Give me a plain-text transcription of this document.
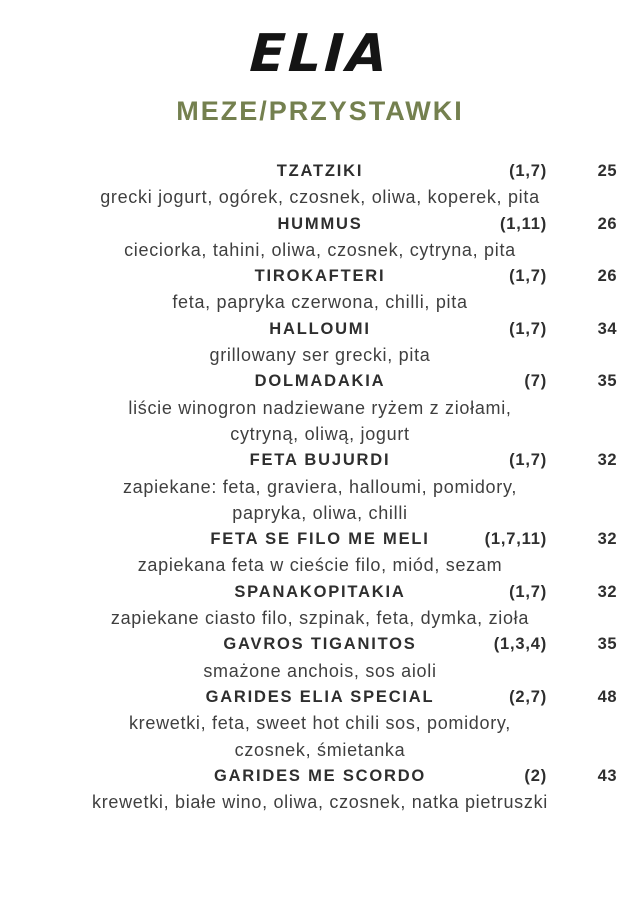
ELIA
MEZE/PRZYSTAWKI
TZATZIKI	(1,7)	25
grecki jogurt, ogórek, czosnek, oliwa, koperek, pita
HUMMUS	(1,11)	26
cieciorka, tahini, oliwa, czosnek, cytryna, pita
TIROKAFTERI	(1,7)	26
feta, papryka czerwona, chilli, pita
HALLOUMI	(1,7)	34
grillowany ser grecki, pita
DOLMADAKIA	(7)	35
liście winogron nadziewane ryżem z ziołami,
cytryną, oliwą, jogurt
FETA BUJURDI	(1,7)	32
zapiekane: feta, graviera, halloumi, pomidory,
papryka, oliwa, chilli
FETA SE FILO ME MELI	(1,7,11)	32
zapiekana feta w cieście filo, miód, sezam
SPANAKOPITAKIA	(1,7)	32
zapiekane ciasto filo, szpinak, feta, dymka, zioła
GAVROS TIGANITOS	(1,3,4)	35
smażone anchois, sos aioli
GARIDES ELIA SPECIAL	(2,7)	48
krewetki, feta, sweet hot chili sos, pomidory,
czosnek, śmietanka
GARIDES ME SCORDO	(2)	43
krewetki, białe wino, oliwa, czosnek, natka pietruszki
